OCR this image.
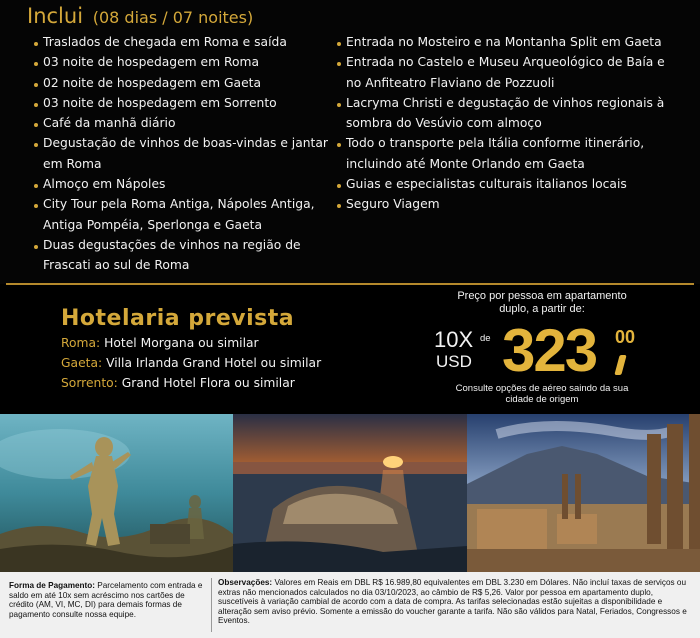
Inclui (08 dias / 07 noites)
Traslados de chegada em Roma e saída
03 noite de hospedagem em Roma
02 noite de hospedagem em Gaeta
03 noite de hospedagem em Sorrento
Café da manhã diário
Degustação de vinhos de boas-vindas e jantar em Roma
Almoço em Nápoles
City Tour pela Roma Antiga, Nápoles Antiga, Antiga Pompéia, Sperlonga e Gaeta
Duas degustações de vinhos na região de Frascati ao sul de Roma
Entrada no Mosteiro e na Montanha Split em Gaeta
Entrada no Castelo e Museu Arqueológico de Baía e no Anfiteatro Flaviano de Pozzuoli
Lacryma Christi e degustação de vinhos regionais à sombra do Vesúvio com almoço
Todo o transporte pela Itália conforme itinerário, incluindo até Monte Orlando em Gaeta
Guias e especialistas culturais italianos locais
Seguro Viagem
Hotelaria prevista
Roma: Hotel Morgana ou similar
Gaeta: Villa Irlanda Grand Hotel ou similar
Sorrento: Grand Hotel Flora ou similar
Preço por pessoa em apartamento duplo, a partir de:
10X de
USD 323 00
Consulte opções de aéreo saindo da sua cidade de origem
Forma de Pagamento: Parcelamento com entrada e saldo em até 10x sem acréscimo nos cartões de crédito (AM, VI, MC, DI) para demais formas de pagamento consulte nossa equipe.
Observações: Valores em Reais em DBL R$ 16.989,80 equivalentes em DBL 3.230 em Dólares. Não incluí taxas de serviços ou extras não mencionados calculados no dia 03/10/2023, ao câmbio de R$ 5,26. Valor por pessoa em apartamento duplo, suscetíveis à variação cambial de acordo com a data de compra. As tarifas selecionadas estão sujeitas a disponibilidade e alteração sem aviso prévio. Somente a emissão do voucher garante a tarifa. Não são válidos para Natal, Feriados, Congressos e Eventos.
